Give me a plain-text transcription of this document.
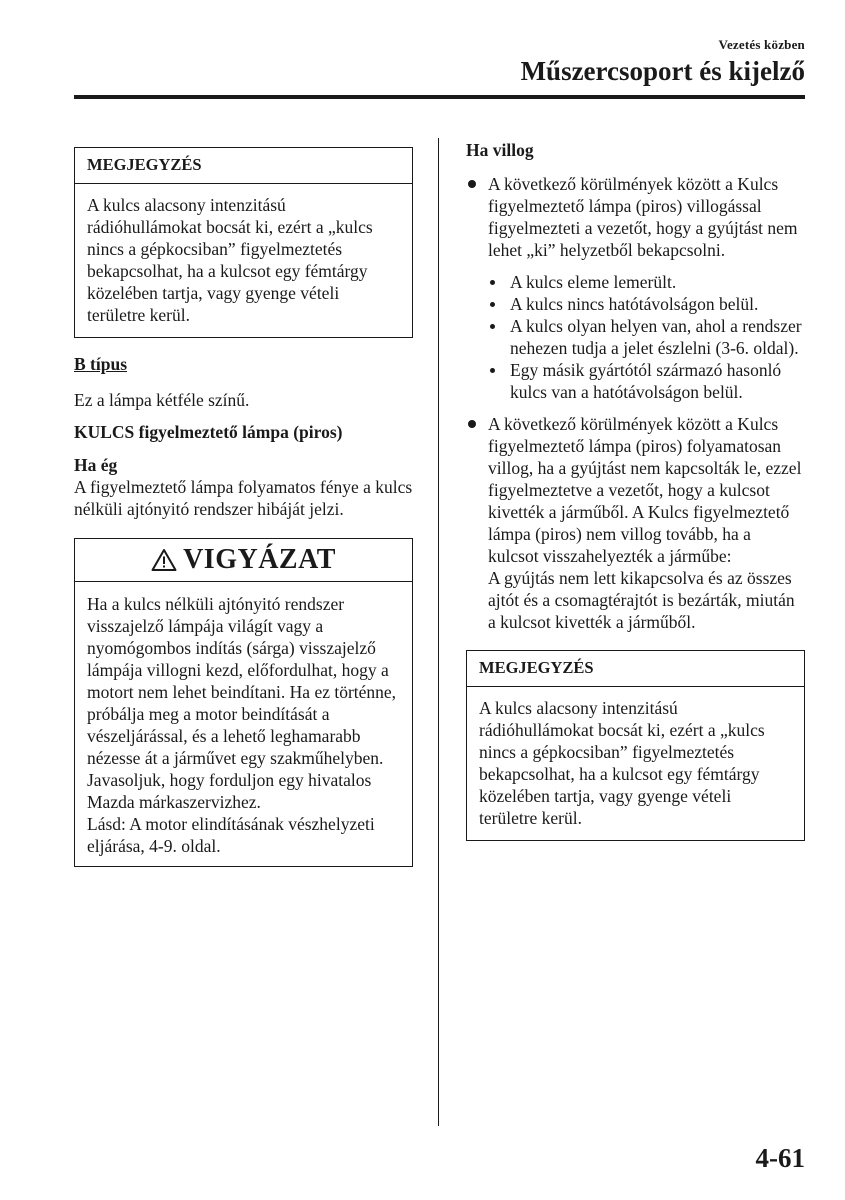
Vezetés közben
Műszercsoport és kijelző
MEGJEGYZÉS
A kulcs alacsony intenzitású rádióhullámokat bocsát ki, ezért a „kulcs nincs a gépkocsiban” figyelmeztetés bekapcsolhat, ha a kulcsot egy fémtárgy közelében tartja, vagy gyenge vételi területre kerül.

B típus

Ez a lámpa kétféle színű.

KULCS figyelmeztető lámpa (piros)

Ha ég

A figyelmeztető lámpa folyamatos fénye a kulcs nélküli ajtónyitó rendszer hibáját jelzi.

VIGYÁZAT
Ha a kulcs nélküli ajtónyitó rendszer visszajelző lámpája világít vagy a nyomógombos indítás (sárga) visszajelző lámpája villogni kezd, előfordulhat, hogy a motort nem lehet beindítani. Ha ez történne, próbálja meg a motor beindítását a vészeljárással, és a lehető leghamarabb nézesse át a járművet egy szakműhelyben. Javasoljuk, hogy forduljon egy hivatalos Mazda márkaszervizhez.
Lásd: A motor elindításának vészhelyzeti eljárása, 4-9. oldal.

Ha villog

A következő körülmények között a Kulcs figyelmeztető lámpa (piros) villogással figyelmezteti a vezetőt, hogy a gyújtást nem lehet „ki” helyzetből bekapcsolni.
A kulcs eleme lemerült.
A kulcs nincs hatótávolságon belül.
A kulcs olyan helyen van, ahol a rendszer nehezen tudja a jelet észlelni (3-6. oldal).
Egy másik gyártótól származó hasonló kulcs van a hatótávolságon belül.
A következő körülmények között a Kulcs figyelmeztető lámpa (piros) folyamatosan villog, ha a gyújtást nem kapcsolták le, ezzel figyelmeztetve a vezetőt, hogy a kulcsot kivették a járműből. A Kulcs figyelmeztető lámpa (piros) nem villog tovább, ha a kulcsot visszahelyezték a járműbe:
A gyújtás nem lett kikapcsolva és az összes ajtót és a csomagtérajtót is bezárták, miután a kulcsot kivették a járműből.
MEGJEGYZÉS
A kulcs alacsony intenzitású rádióhullámokat bocsát ki, ezért a „kulcs nincs a gépkocsiban” figyelmeztetés bekapcsolhat, ha a kulcsot egy fémtárgy közelében tartja, vagy gyenge vételi területre kerül.
4-61
